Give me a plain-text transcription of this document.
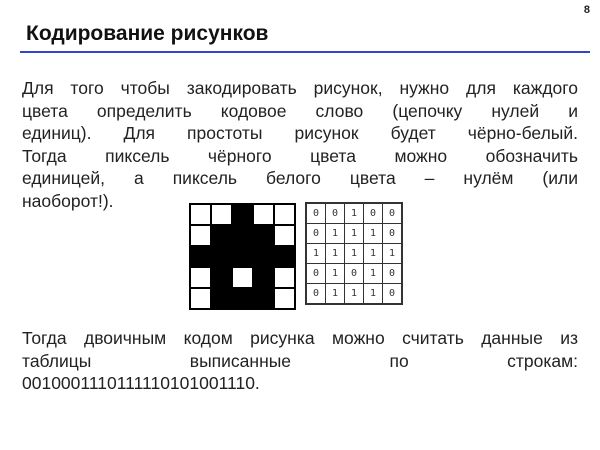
8
Кодирование рисунков

Для того чтобы закодировать рисунок, нужно для каждого
цвета определить кодовое слово (цепочку нулей и
единиц). Для простоты рисунок будет чёрно-белый.
Тогда пиксель чёрного цвета можно обозначить
единицей, а пиксель белого цвета – нулём (или
наоборот!).

0	0	1	0	0
0	1	1	1	0
1	1	1	1	1
0	1	0	1	0
0	1	1	1	0

Тогда двоичным кодом рисунка можно считать данные из
таблицы выписанные по строкам:
0010001110111110101001110.
